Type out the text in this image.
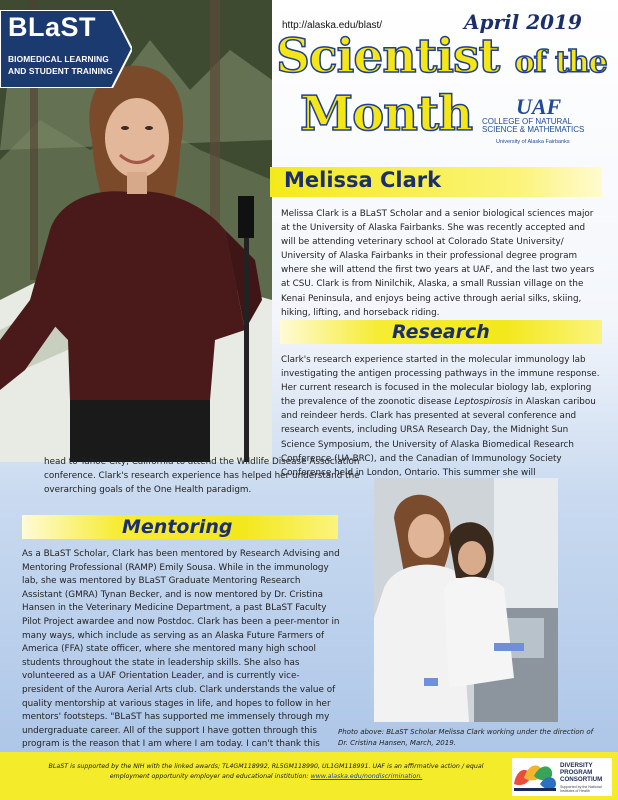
BLaST
BIOMEDICAL LEARNING
AND STUDENT TRAINING
http://alaska.edu/blast/	April 2019
Scientist of the
Month UAF
COLLEGE OF NATURAL
SCIENCE & MATHEMATICS
University of Alaska Fairbanks
Melissa Clark

Melissa Clark is a BLaST Scholar and a senior biological sciences major at the University of Alaska Fairbanks. She was recently accepted and will be attending veterinary school at Colorado State University/ University of Alaska Fairbanks in their professional degree program where she will attend the first two years at UAF, and the last two years at CSU. Clark is from Ninilchik, Alaska, a small Russian village on the Kenai Peninsula, and enjoys being active through aerial silks, skiing, hiking, lifting, and horseback riding.

Research

Clark's research experience started in the molecular immunology lab investigating the antigen processing pathways in the immune response. Her current research is focused in the molecular biology lab, exploring the prevalence of the zoonotic disease Leptospirosis in Alaskan caribou and reindeer herds. Clark has presented at several conference and research events, including URSA Research Day, the Midnight Sun Science Symposium, the University of Alaska Biomedical Research Conference (UA-BRC), and the Canadian of Immunology Society Conference held in London, Ontario. This summer she will

head to Tahoe City, California to attend the Wildlife Disease Association conference. Clark's research experience has helped her understand the overarching goals of the One Health paradigm.

Mentoring

As a BLaST Scholar, Clark has been mentored by Research Advising and Mentoring Professional (RAMP) Emily Sousa. While in the immunology lab, she was mentored by BLaST Graduate Mentoring Research Assistant (GMRA) Tynan Becker, and is now mentored by Dr. Cristina Hansen in the Veterinary Medicine Department, a past BLaST Faculty Pilot Project awardee and now Postdoc. Clark has been a peer-mentor in many ways, which include as serving as an Alaska Future Farmers of America (FFA) state officer, where she mentored many high school students throughout the state in leadership skills. She also has volunteered as a UAF Orientation Leader, and is currently vice-president of the Aurora Aerial Arts club. Clark understands the value of quality mentorship at various stages in life, and hopes to follow in her mentors' footsteps. "BLaST has supported me immensely through my undergraduate career. All of the support I have gotten through this program is the reason that I am where I am today. I can't thank this

Photo above: BLaST Scholar Melissa Clark working under the direction of Dr. Cristina Hansen, March, 2019.

BLaST is supported by the NIH with the linked awards; TL4GM118992, RL5GM118990, UL1GM118991. UAF is an affirmative action / equal employment opportunity employer and educational institution: www.alaska.edu/nondiscrimination.

DIVERSITY
PROGRAM
CONSORTIUM
Supported by the National Institutes of Health
